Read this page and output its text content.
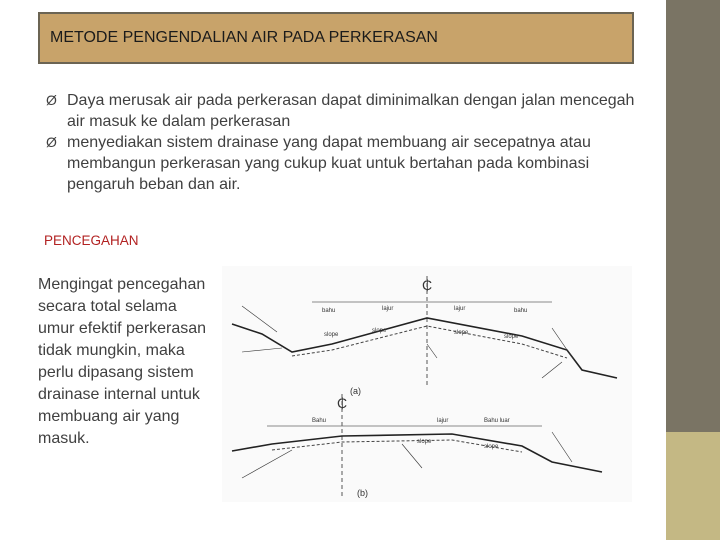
METODE PENGENDALIAN AIR PADA PERKERASAN
Ø Daya merusak air pada perkerasan dapat diminimalkan dengan jalan mencegah air masuk ke dalam perkerasan
Ø menyediakan sistem drainase yang dapat membuang air secepatnya atau membangun perkerasan yang cukup kuat untuk bertahan pada kombinasi pengaruh beban dan air.
PENCEGAHAN
Mengingat pencegahan secara total selama umur efektif perkerasan tidak mungkin, maka perlu dipasang sistem drainase internal untuk membuang air yang masuk.
₵
bahu	lajur	lajur	bahu
slope
slope	slope
slope
(a)
₵
Bahu	lajur	Bahu luar
slope
slope
(b)
